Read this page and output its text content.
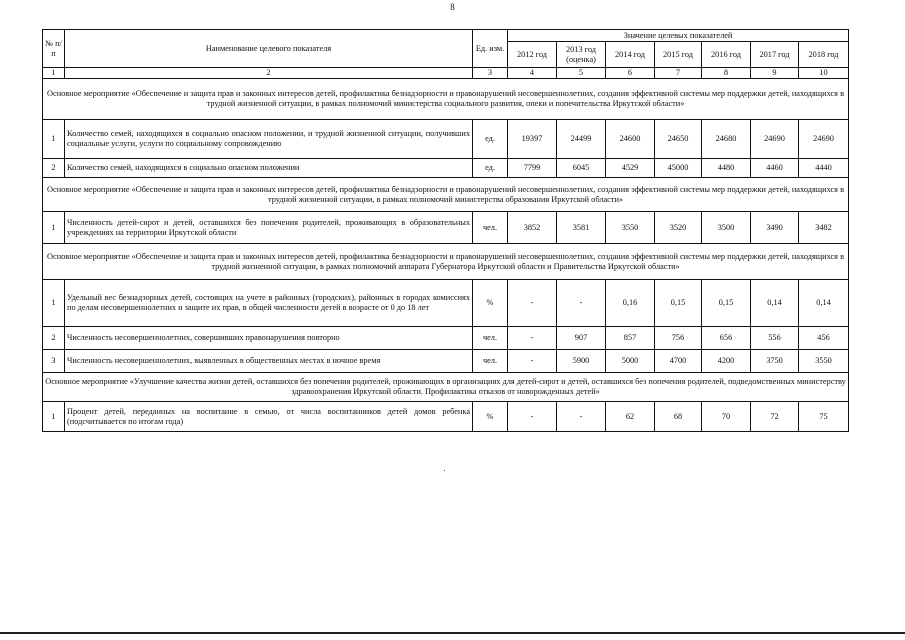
8
№ п/п	Наименование целевого показателя	Ед. изм.	Значение целевых показателей						
			2012 год	2013 год (оценка)	2014 год	2015 год	2016 год	2017 год	2018 год
1	2	3	4	5	6	7	8	9	10
Основное мероприятие «Обеспечение и защита прав и законных интересов детей, профилактика безнадзорности и правонарушений несовершеннолетних, создания эффективной системы мер поддержки детей, находящихся в трудной жизненной ситуации, в рамках полномочий министерства социального развития, опеки и попечительства Иркутской области»									
1	Количество семей, находящихся в социально опасном положении, и трудной жизненной ситуации, получивших социальные услуги, услуги по социальному сопровождению	ед.	19397	24499	24600	24650	24680	24690	24690
2	Количество семей, находящихся в социально опасном положении	ед.	7799	6045	4529	45000	4480	4460	4440
Основное мероприятие «Обеспечение и защита прав и законных интересов детей, профилактика безнадзорности и правонарушений несовершеннолетних, создания эффективной системы мер поддержки детей, находящихся в трудной жизненной ситуации, в рамках полномочий министерства образования Иркутской области»									
1	Численность детей-сирот и детей, оставшихся без попечения родителей, проживающих в образовательных учреждениях на территории Иркутской области	чел.	3852	3581	3550	3520	3500	3490	3482
Основное мероприятие «Обеспечение и защита прав и законных интересов детей, профилактика безнадзорности и правонарушений несовершеннолетних, создания эффективной системы мер поддержки детей, находящихся в трудной жизненной ситуации, в рамках полномочий аппарата Губернатора Иркутской области и Правительства Иркутской области»									
1	Удельный вес безнадзорных детей, состоящих на учете в районных (городских), районных в городах комиссиях по делам несовершеннолетних и защите их прав, в общей численности детей в возрасте от 0 до 18 лет	%	-	-	0,16	0,15	0,15	0,14	0,14
2	Численность несовершеннолетних, совершивших правонарушения повторно	чел.	-	907	857	756	656	556	456
3	Численность несовершеннолетних, выявленных в общественных местах в ночное время	чел.	-	5900	5000	4700	4200	3750	3550
Основное мероприятие «Улучшение качества жизни детей, оставшихся без попечения родителей, проживающих в организациях для детей-сирот и детей, оставшихся без попечения родителей, подведомственных министерству здравоохранения Иркутской области. Профилактика отказов от новорожденных детей»									
1	Процент детей, переданных на воспитание в семью, от числа воспитанников детей домов ребенка (подсчитывается по итогам года)	%	-	-	62	68	70	72	75
